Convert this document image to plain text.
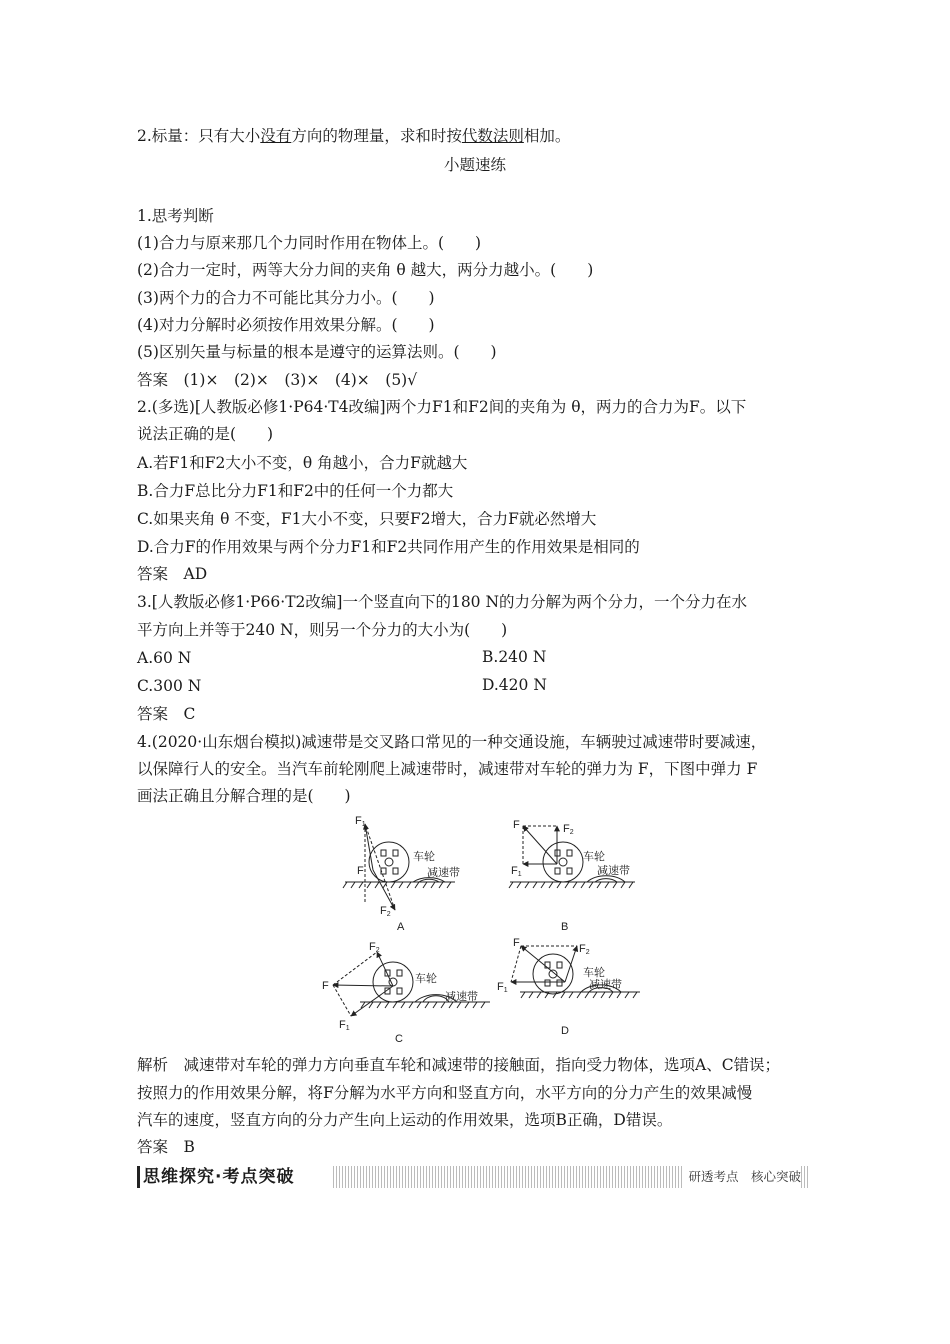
2.标量：只有大小没有方向的物理量，求和时按代数法则相加。
小题速练
1.思考判断
(1)合力与原来那几个力同时作用在物体上。(　　)
(2)合力一定时，两等大分力间的夹角 θ 越大，两分力越小。(　　)
(3)两个力的合力不可能比其分力小。(　　)
(4)对力分解时必须按作用效果分解。(　　)
(5)区别矢量与标量的根本是遵守的运算法则。(　　)
答案　(1)×　(2)×　(3)×　(4)×　(5)√
2.(多选)[人教版必修1·P64·T4改编]两个力F1和F2间的夹角为 θ，两力的合力为F。以下
说法正确的是(　　)
A.若F1和F2大小不变，θ 角越小，合力F就越大
B.合力F总比分力F1和F2中的任何一个力都大
C.如果夹角 θ 不变，F1大小不变，只要F2增大，合力F就必然增大
D.合力F的作用效果与两个分力F1和F2共同作用产生的作用效果是相同的
答案　AD
3.[人教版必修1·P66·T2改编]一个竖直向下的180 N的力分解为两个分力，一个分力在水
平方向上并等于240 N，则另一个分力的大小为(　　)
A.60 N	B.240 N
C.300 N	D.420 N
答案　C
4.(2020·山东烟台模拟)减速带是交叉路口常见的一种交通设施，车辆驶过减速带时要减速，
以保障行人的安全。当汽车前轮刚爬上减速带时，减速带对车轮的弹力为 F，下图中弹力 F
画法正确且分解合理的是(　　)
F1
F
F2
车轮
减速带
A
F	F2
F1
车轮
减速带
B
F2
F
F1
车轮
减速带
C
F	F2
F1
车轮
减速带
D
解析　减速带对车轮的弹力方向垂直车轮和减速带的接触面，指向受力物体，选项A、C错误；
按照力的作用效果分解，将F分解为水平方向和竖直方向，水平方向的分力产生的效果减慢
汽车的速度，竖直方向的分力产生向上运动的作用效果，选项B正确，D错误。
答案　B
思维探究·考点突破	研透考点　核心突破
